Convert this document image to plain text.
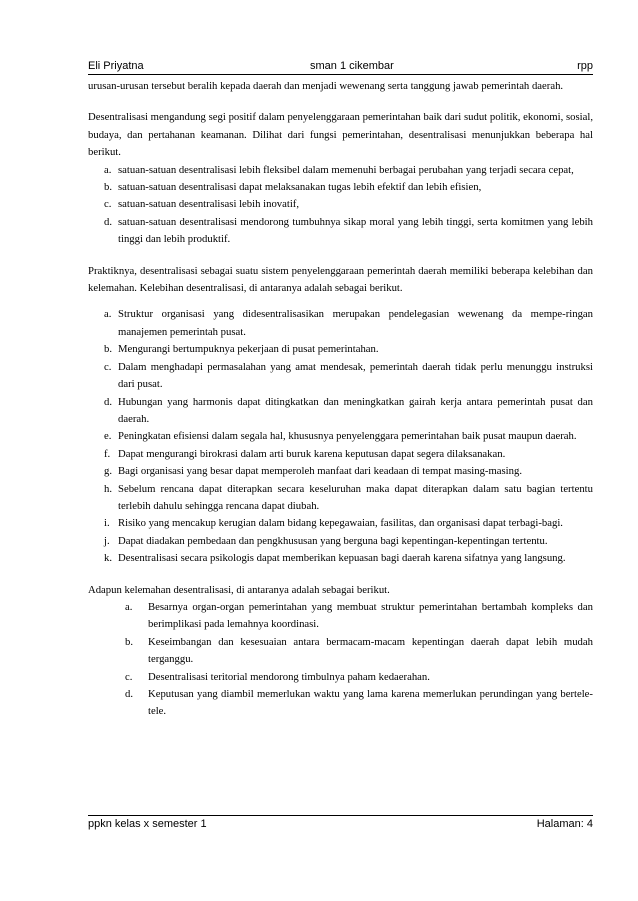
Eli Priyatna	sman 1 cikembar	rpp

urusan-urusan tersebut beralih kepada daerah dan menjadi wewenang serta tanggung jawab pemerintah daerah.

Desentralisasi mengandung segi positif dalam penyelenggaraan pemerintahan baik dari sudut politik, ekonomi, sosial, budaya, dan pertahanan keamanan. Dilihat dari fungsi pemerintahan, desentralisasi menunjukkan beberapa hal berikut.

a. satuan-satuan desentralisasi lebih fleksibel dalam memenuhi berbagai perubahan yang terjadi secara cepat,
b. satuan-satuan desentralisasi dapat melaksanakan tugas lebih efektif dan lebih efisien,
c. satuan-satuan desentralisasi lebih inovatif,
d. satuan-satuan desentralisasi mendorong tumbuhnya sikap moral yang lebih tinggi, serta komitmen yang lebih tinggi dan lebih produktif.

Praktiknya, desentralisasi sebagai suatu sistem penyelenggaraan pemerintah daerah memiliki beberapa kelebihan dan kelemahan. Kelebihan desentralisasi, di antaranya adalah sebagai berikut.

a. Struktur organisasi yang didesentralisasikan merupakan pendelegasian wewenang da mempe-ringan manajemen pemerintah pusat.
b. Mengurangi bertumpuknya pekerjaan di pusat pemerintahan.
c. Dalam menghadapi permasalahan yang amat mendesak, pemerintah daerah tidak perlu menunggu instruksi dari pusat.
d. Hubungan yang harmonis dapat ditingkatkan dan meningkatkan gairah kerja antara pemerintah pusat dan daerah.
e. Peningkatan efisiensi dalam segala hal, khususnya penyelenggara pemerintahan baik pusat maupun daerah.
f. Dapat mengurangi birokrasi dalam arti buruk karena keputusan dapat segera dilaksanakan.
g. Bagi organisasi yang besar dapat memperoleh manfaat dari keadaan di tempat masing-masing.
h. Sebelum rencana dapat diterapkan secara keseluruhan maka dapat diterapkan dalam satu bagian tertentu terlebih dahulu sehingga rencana dapat diubah.
i. Risiko yang mencakup kerugian dalam bidang kepegawaian, fasilitas, dan organisasi dapat terbagi-bagi.
j. Dapat diadakan pembedaan dan pengkhususan yang berguna bagi kepentingan-kepentingan tertentu.
k. Desentralisasi secara psikologis dapat memberikan kepuasan bagi daerah karena sifatnya yang langsung.

Adapun kelemahan desentralisasi, di antaranya adalah sebagai berikut.

a. Besarnya organ-organ pemerintahan yang membuat struktur pemerintahan bertambah kompleks dan berimplikasi pada lemahnya koordinasi.
b. Keseimbangan dan kesesuaian antara bermacam-macam kepentingan daerah dapat lebih mudah terganggu.
c. Desentralisasi teritorial mendorong timbulnya paham kedaerahan.
d. Keputusan yang diambil memerlukan waktu yang lama karena memerlukan perundingan yang bertele-tele.
ppkn kelas x semester 1	Halaman: 4
